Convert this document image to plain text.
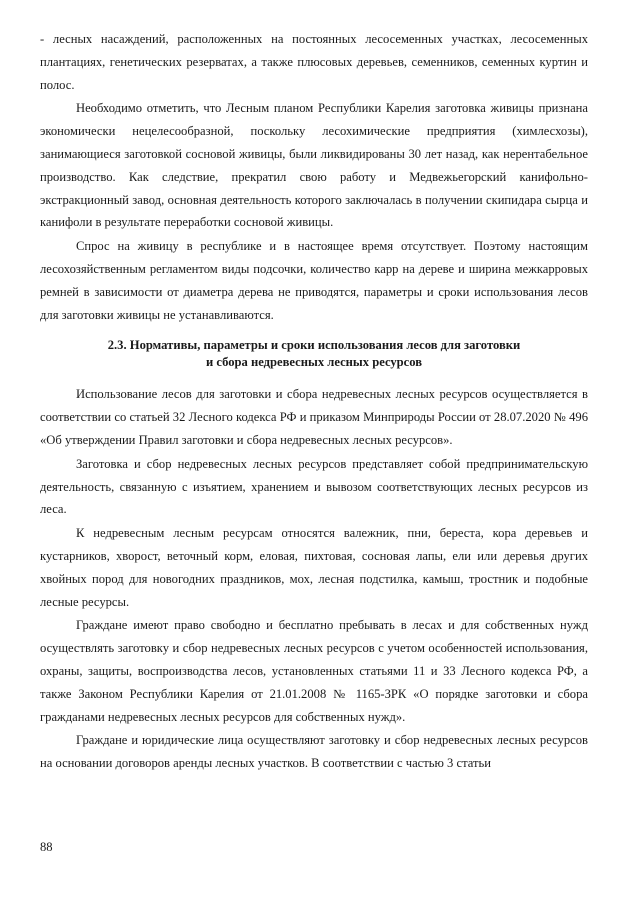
- лесных насаждений, расположенных на постоянных лесосеменных участках, лесосеменных плантациях, генетических резерватах, а также плюсовых деревьев, семенников, семенных куртин и полос.

Необходимо отметить, что Лесным планом Республики Карелия заготовка живицы признана экономически нецелесообразной, поскольку лесохимические предприятия (химлесхозы), занимающиеся заготовкой сосновой живицы, были ликвидированы 30 лет назад, как нерентабельное производство. Как следствие, прекратил свою работу и Медвежьегорский канифольно-экстракционный завод, основная деятельность которого заключалась в получении скипидара сырца и канифоли в результате переработки сосновой живицы.

Спрос на живицу в республике и в настоящее время отсутствует. Поэтому настоящим лесохозяйственным регламентом виды подсочки, количество карр на дереве и ширина межкарровых ремней в зависимости от диаметра дерева не приводятся, параметры и сроки использования лесов для заготовки живицы не устанавливаются.

2.3. Нормативы, параметры и сроки использования лесов для заготовки
и сбора недревесных лесных ресурсов

Использование лесов для заготовки и сбора недревесных лесных ресурсов осуществляется в соответствии со статьей 32 Лесного кодекса РФ и приказом Минприроды России от 28.07.2020 № 496 «Об утверждении Правил заготовки и сбора недревесных лесных ресурсов».

Заготовка и сбор недревесных лесных ресурсов представляет собой предпринимательскую деятельность, связанную с изъятием, хранением и вывозом соответствующих лесных ресурсов из леса.

К недревесным лесным ресурсам относятся валежник, пни, береста, кора деревьев и кустарников, хворост, веточный корм, еловая, пихтовая, сосновая лапы, ели или деревья других хвойных пород для новогодних праздников, мох, лесная подстилка, камыш, тростник и подобные лесные ресурсы.

Граждане имеют право свободно и бесплатно пребывать в лесах и для собственных нужд осуществлять заготовку и сбор недревесных лесных ресурсов с учетом особенностей использования, охраны, защиты, воспроизводства лесов, установленных статьями 11 и 33 Лесного кодекса РФ, а также Законом Республики Карелия от 21.01.2008 № 1165-ЗРК «О порядке заготовки и сбора гражданами недревесных лесных ресурсов для собственных нужд».

Граждане и юридические лица осуществляют заготовку и сбор недревесных лесных ресурсов на основании договоров аренды лесных участков. В соответствии с частью 3 статьи

88
